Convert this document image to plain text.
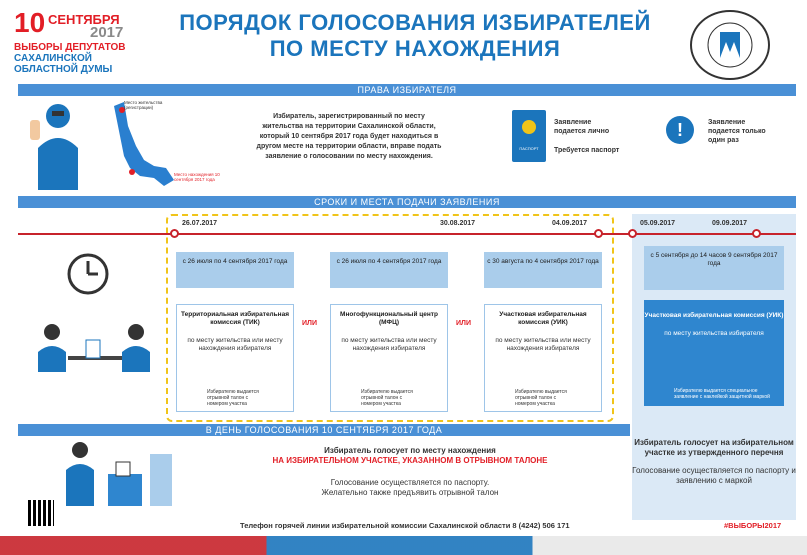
10 СЕНТЯБРЯ
2017
ВЫБОРЫ ДЕПУТАТОВ
САХАЛИНСКОЙ
ОБЛАСТНОЙ ДУМЫ
ПОРЯДОК ГОЛОСОВАНИЯ ИЗБИРАТЕЛЕЙ ПО МЕСТУ НАХОЖДЕНИЯ
ПРАВА ИЗБИРАТЕЛЯ
Место жительства (регистрации)
Место нахождения 10 сентября 2017 года
Избиратель, зарегистрированный по месту жительства на территории Сахалинской области, который 10 сентября 2017 года будет находиться в другом месте на территории области, вправе подать заявление о голосовании по месту нахождения.
ПАСПОРТ
Заявление подается лично
Требуется паспорт
!	Заявление подается только один раз
СРОКИ И МЕСТА ПОДАЧИ ЗАЯВЛЕНИЯ
26.07.2017	30.08.2017	04.09.2017	05.09.2017	09.09.2017
с 26 июля по 4 сентября 2017 года	с 26 июля по 4 сентября 2017 года	с 30 августа по 4 сентября 2017 года
с 5 сентября до 14 часов 9 сентября 2017 года
Территориальная избирательная комиссия (ТИК)
по месту жительства или месту нахождения избирателя
Избирателю выдается отрывной талон с номером участка
Многофункциональный центр (МФЦ)
по месту жительства или месту нахождения избирателя
Избирателю выдается отрывной талон с номером участка
Участковая избирательная комиссия (УИК)
по месту жительства или месту нахождения избирателя
Избирателю выдается отрывной талон с номером участка
ИЛИ	ИЛИ
Участковая избирательная комиссия (УИК)
по месту жительства избирателя
Избирателю выдается специальное заявление с наклейкой защитной маркой
В ДЕНЬ ГОЛОСОВАНИЯ 10 СЕНТЯБРЯ 2017 ГОДА
Избиратель голосует по месту нахождения
НА ИЗБИРАТЕЛЬНОМ УЧАСТКЕ, УКАЗАННОМ В ОТРЫВНОМ ТАЛОНЕ
Голосование осуществляется по паспорту.
Желательно также предъявить отрывной талон
Избиратель голосует на избирательном участке из утвержденного перечня
Голосование осуществляется по паспорту и заявлению с маркой
Телефон горячей линии избирательной комиссии Сахалинской области 8 (4242) 506 171	#ВЫБОРЫ2017
